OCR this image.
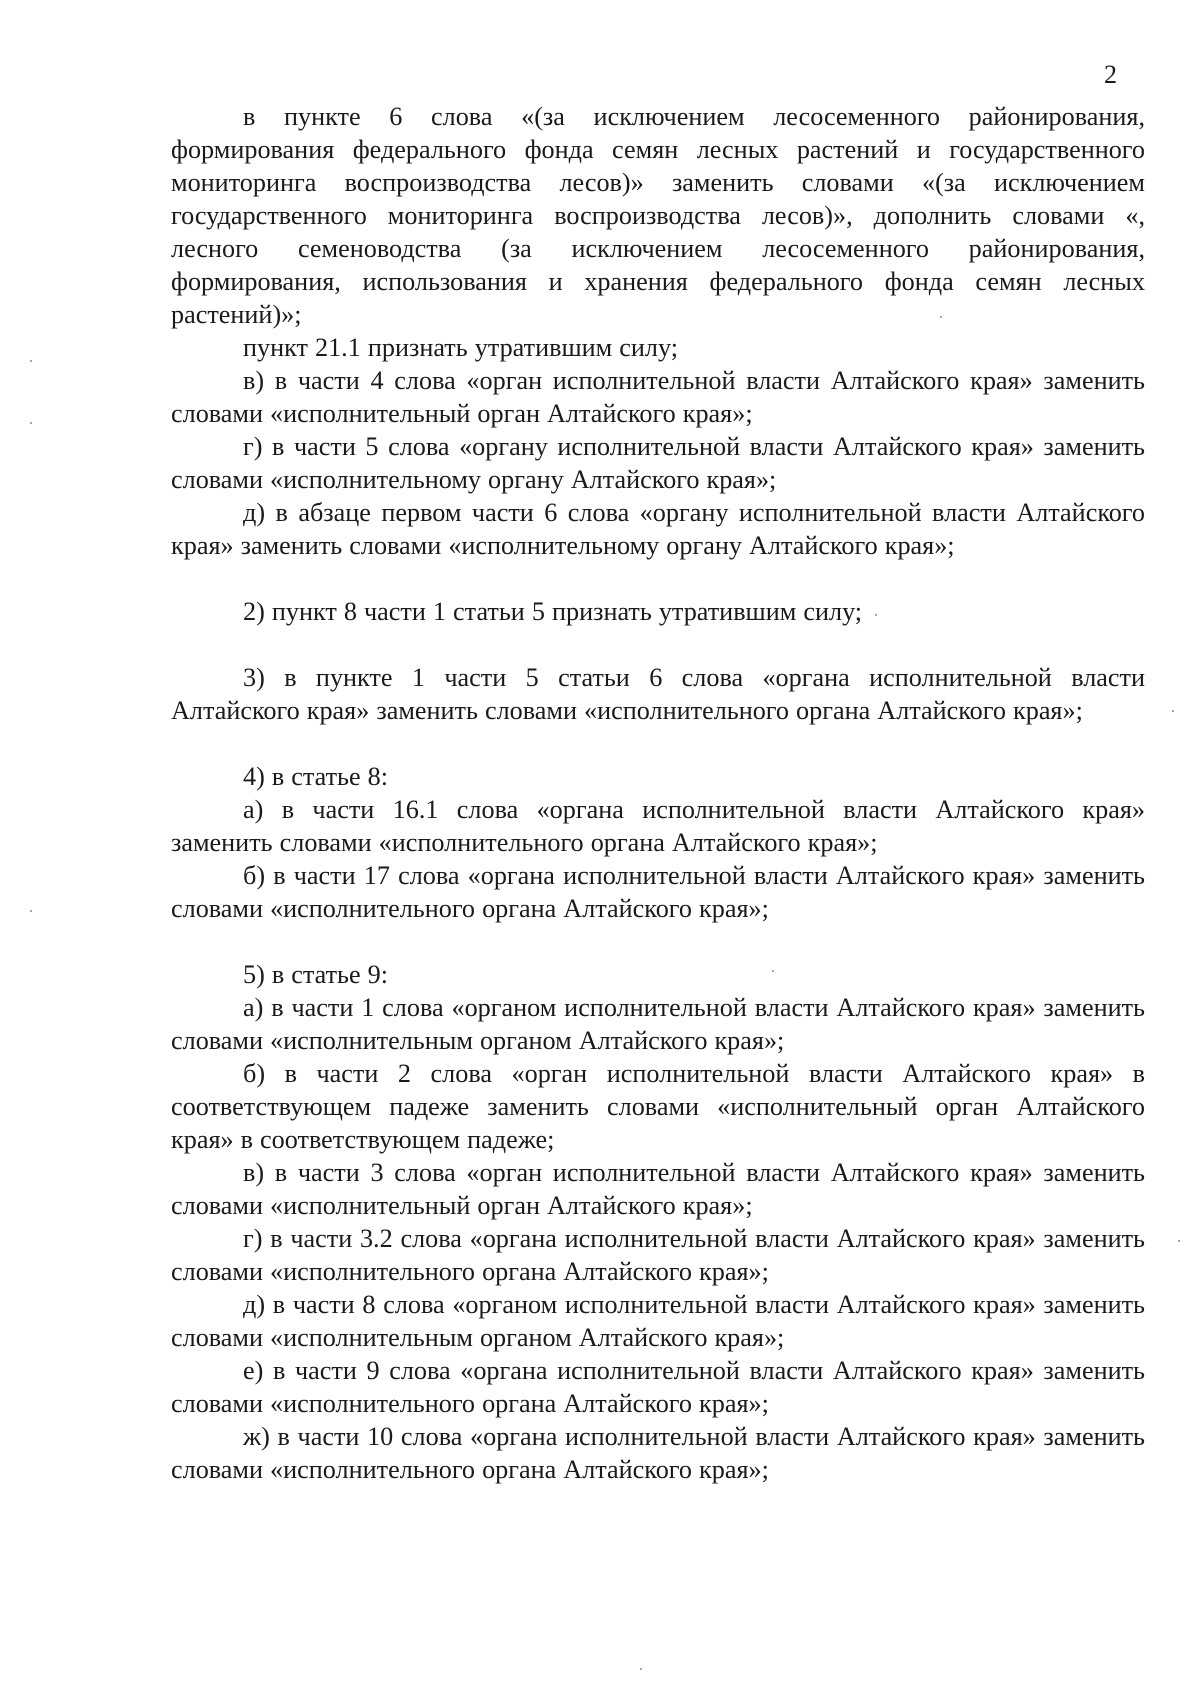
2

в пункте 6 слова «(за исключением лесосеменного районирования, формирования федерального фонда семян лесных растений и государственного мониторинга воспроизводства лесов)» заменить словами «(за исключением государственного мониторинга воспроизводства лесов)», дополнить словами «, лесного семеноводства (за исключением лесосеменного районирования, формирования, использования и хранения федерального фонда семян лесных растений)»;

пункт 21.1 признать утратившим силу;

в) в части 4 слова «орган исполнительной власти Алтайского края» заменить словами «исполнительный орган Алтайского края»;

г) в части 5 слова «органу исполнительной власти Алтайского края» заменить словами «исполнительному органу Алтайского края»;

д) в абзаце первом части 6 слова «органу исполнительной власти Алтайского края» заменить словами «исполнительному органу Алтайского края»;

2) пункт 8 части 1 статьи 5 признать утратившим силу;

3) в пункте 1 части 5 статьи 6 слова «органа исполнительной власти Алтайского края» заменить словами «исполнительного органа Алтайского края»;

4) в статье 8:

а) в части 16.1 слова «органа исполнительной власти Алтайского края» заменить словами «исполнительного органа Алтайского края»;

б) в части 17 слова «органа исполнительной власти Алтайского края» заменить словами «исполнительного органа Алтайского края»;

5) в статье 9:

а) в части 1 слова «органом исполнительной власти Алтайского края» заменить словами «исполнительным органом Алтайского края»;

б) в части 2 слова «орган исполнительной власти Алтайского края» в соответствующем падеже заменить словами «исполнительный орган Алтайского края» в соответствующем падеже;

в) в части 3 слова «орган исполнительной власти Алтайского края» заменить словами «исполнительный орган Алтайского края»;

г) в части 3.2 слова «органа исполнительной власти Алтайского края» заменить словами «исполнительного органа Алтайского края»;

д) в части 8 слова «органом исполнительной власти Алтайского края» заменить словами «исполнительным органом Алтайского края»;

е) в части 9 слова «органа исполнительной власти Алтайского края» заменить словами «исполнительного органа Алтайского края»;

ж) в части 10 слова «органа исполнительной власти Алтайского края» заменить словами «исполнительного органа Алтайского края»;
